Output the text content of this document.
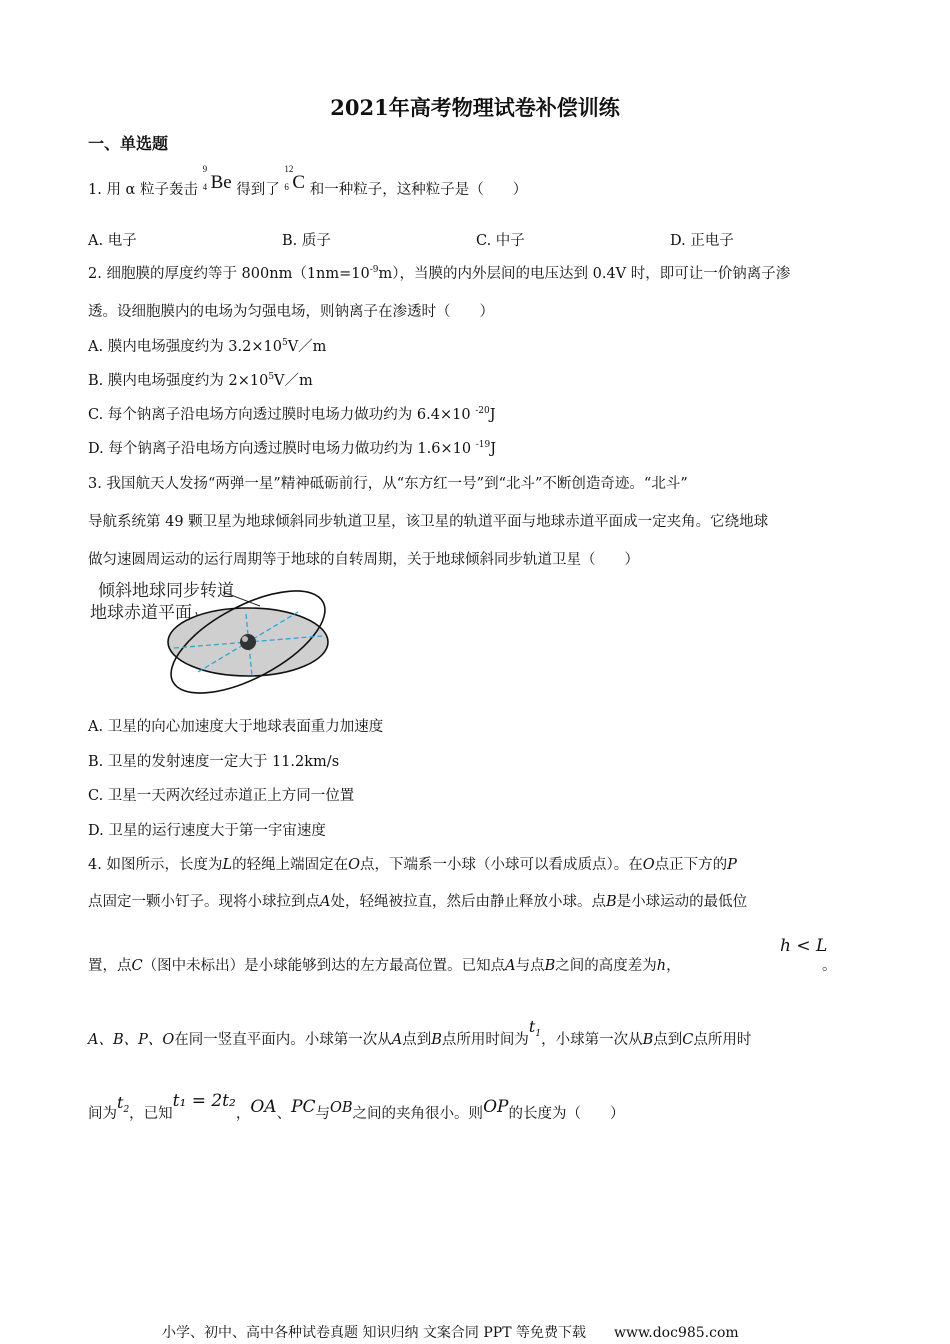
2021年高考物理试卷补偿训练
一、单选题
1. 用 α 粒子轰击
9
4 Be 得到了
12
6 C 和一种粒子，这种粒子是（　　）
A. 电子	B. 质子	C. 中子	D. 正电子
2. 细胞膜的厚度约等于 $800nm(1nm=10^{-9}m)$，当膜的内外层间的电压达到 0.4V 时，即可让一价钠离子渗
透。设细胞膜内的电场为匀强电场，则钠离子在渗透时（　　）
A. 膜内电场强度约为 $3.2\times 10^5V/m$
B. 膜内电场强度约为 $2\times 10^5V/m$
C. 每个钠离子沿电场方向透过膜时电场力做功约为 6.4×10 $^{-20}$J
D. 每个钠离子沿电场方向透过膜时电场力做功约为 1.6×10 $^{-19}$J
3. 我国航天人发扬“两弹一星”精神砥砺前行，从“东方红一号”到“北斗”不断创造奇迹。“北斗”
导航系统第 49 颗卫星为地球倾斜同步轨道卫星，该卫星的轨道平面与地球赤道平面成一定夹角。它绕地球
做匀速圆周运动的运行周期等于地球的自转周期，关于地球倾斜同步轨道卫星（　　）
倾斜地球同步转道
地球赤道平面
A. 卫星的向心加速度大于地球表面重力加速度
B. 卫星的发射速度一定大于 11.2km/s
C. 卫星一天两次经过赤道正上方同一位置
D. 卫星的运行速度大于第一宇宙速度
4. 如图所示，长度为L的轻绳上端固定在O点，下端系一小球（小球可以看成质点）。在O点正下方的P
点固定一颗小钉子。现将小球拉到点A处，轻绳被拉直，然后由静止释放小球。点B是小球运动的最低位
置，点C（图中未标出）是小球能够到达的左方最高位置。已知点A与点B之间的高度差为h，
h < L
。
A、B、P、O在同一竖直平面内。小球第一次从A点到B点所用时间为$t_1$，小球第一次从B点到C点所用时
间为$t_2$，已知t₁ = 2t₂，OA、PC与OB之间的夹角很小。则OP的长度为（　　）
小学、初中、高中各种试卷真题 知识归纳 文案合同 PPT 等免费下载　　www.doc985.com
